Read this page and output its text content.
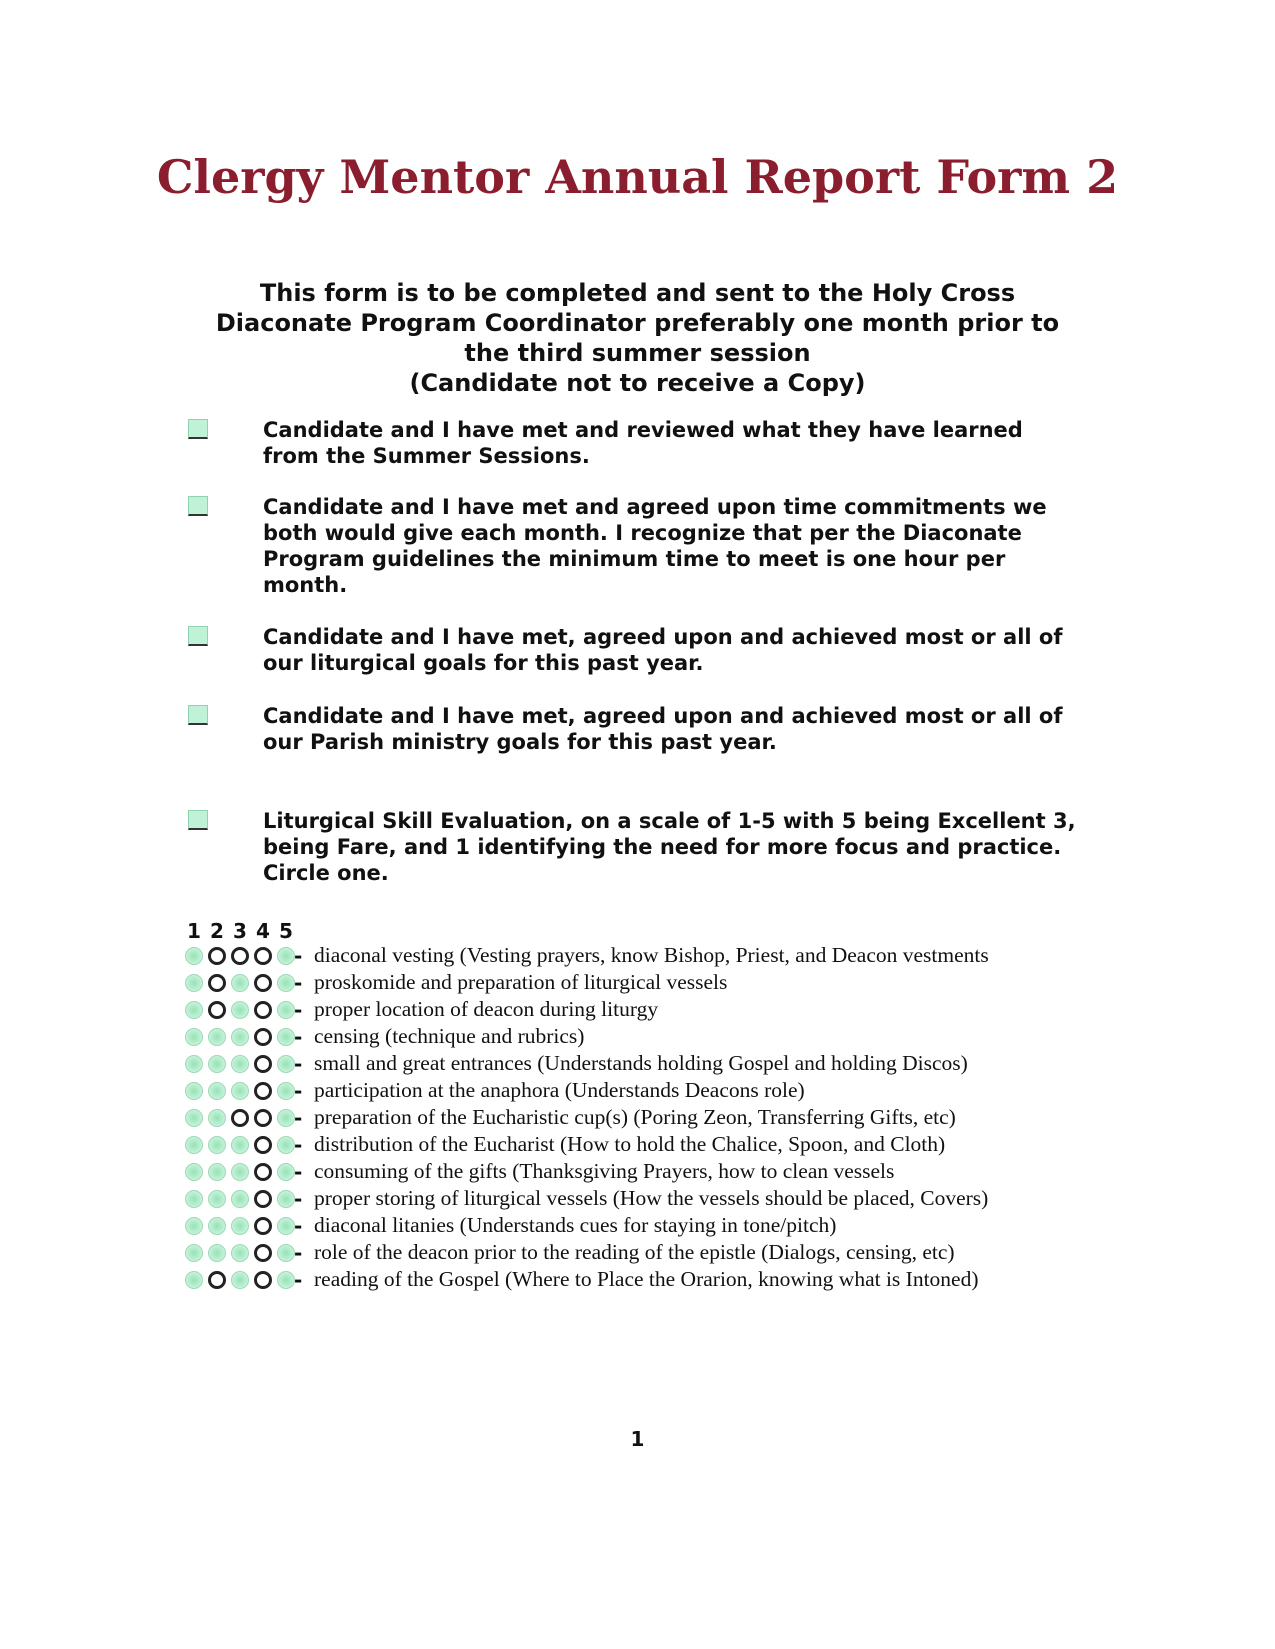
Clergy Mentor Annual Report Form 2

This form is to be completed and sent to the Holy Cross
Diaconate Program Coordinator preferably one month prior to
the third summer session
(Candidate not to receive a Copy)

Candidate and I have met and reviewed what they have learned from the Summer Sessions.
Candidate and I have met and agreed upon time commitments we both would give each month. I recognize that per the Diaconate Program guidelines the minimum time to meet is one hour per month.
Candidate and I have met, agreed upon and achieved most or all of our liturgical goals for this past year.
Candidate and I have met, agreed upon and achieved most or all of our Parish ministry goals for this past year.
Liturgical Skill Evaluation, on a scale of 1-5 with 5 being Excellent 3, being Fare, and 1 identifying the need for more focus and practice. Circle one.
1 2 3 4 5
- diaconal vesting (Vesting prayers, know Bishop, Priest, and Deacon vestments
- proskomide and preparation of liturgical vessels
- proper location of deacon during liturgy
- censing (technique and rubrics)
- small and great entrances (Understands holding Gospel and holding Discos)
- participation at the anaphora (Understands Deacons role)
- preparation of the Eucharistic cup(s) (Poring Zeon, Transferring Gifts, etc)
- distribution of the Eucharist (How to hold the Chalice, Spoon, and Cloth)
- consuming of the gifts (Thanksgiving Prayers, how to clean vessels
- proper storing of liturgical vessels (How the vessels should be placed, Covers)
- diaconal litanies (Understands cues for staying in tone/pitch)
- role of the deacon prior to the reading of the epistle (Dialogs, censing, etc)
- reading of the Gospel (Where to Place the Orarion, knowing what is Intoned)
1
